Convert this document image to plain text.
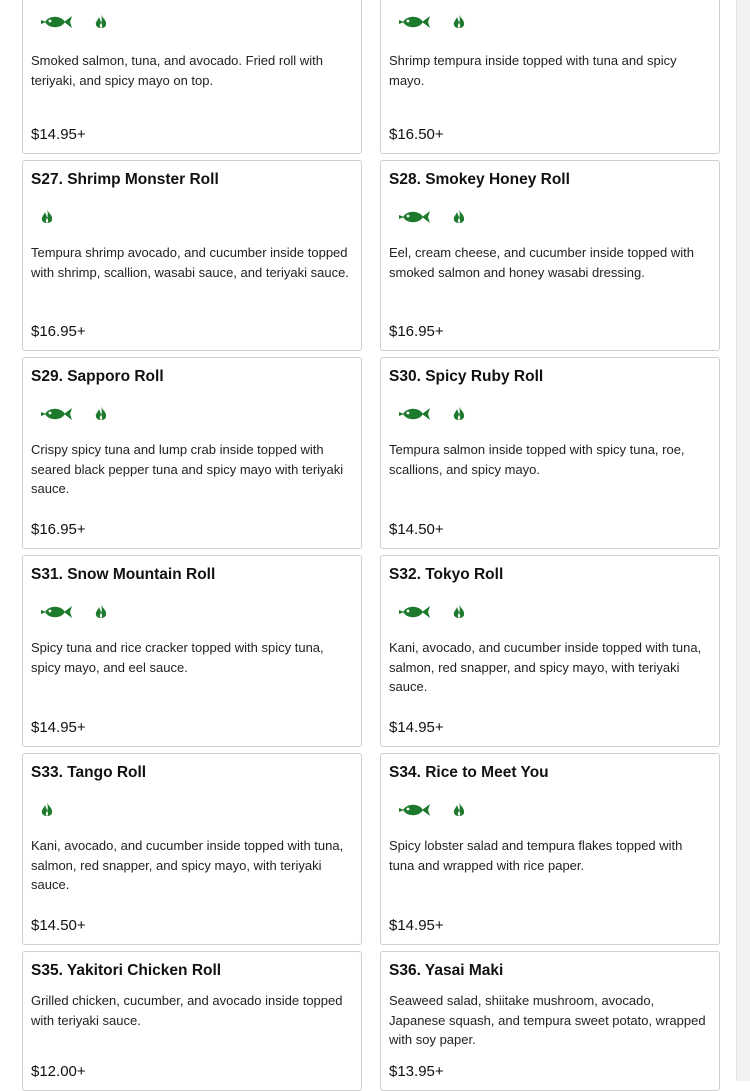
Smoked salmon, tuna, and avocado. Fried roll with teriyaki, and spicy mayo on top.
$14.95+
Shrimp tempura inside topped with tuna and spicy mayo.
$16.50+
S27. Shrimp Monster Roll
Tempura shrimp avocado, and cucumber inside topped with shrimp, scallion, wasabi sauce, and teriyaki sauce.
$16.95+
S28. Smokey Honey Roll
Eel, cream cheese, and cucumber inside topped with smoked salmon and honey wasabi dressing.
$16.95+
S29. Sapporo Roll
Crispy spicy tuna and lump crab inside topped with seared black pepper tuna and spicy mayo with teriyaki sauce.
$16.95+
S30. Spicy Ruby Roll
Tempura salmon inside topped with spicy tuna, roe, scallions, and spicy mayo.
$14.50+
S31. Snow Mountain Roll
Spicy tuna and rice cracker topped with spicy tuna, spicy mayo, and eel sauce.
$14.95+
S32. Tokyo Roll
Kani, avocado, and cucumber inside topped with tuna, salmon, red snapper, and spicy mayo, with teriyaki sauce.
$14.95+
S33. Tango Roll
Kani, avocado, and cucumber inside topped with tuna, salmon, red snapper, and spicy mayo, with teriyaki sauce.
$14.50+
S34. Rice to Meet You
Spicy lobster salad and tempura flakes topped with tuna and wrapped with rice paper.
$14.95+
S35. Yakitori Chicken Roll
Grilled chicken, cucumber, and avocado inside topped with teriyaki sauce.
$12.00+
S36. Yasai Maki
Seaweed salad, shiitake mushroom, avocado, Japanese squash, and tempura sweet potato, wrapped with soy paper.
$13.95+
